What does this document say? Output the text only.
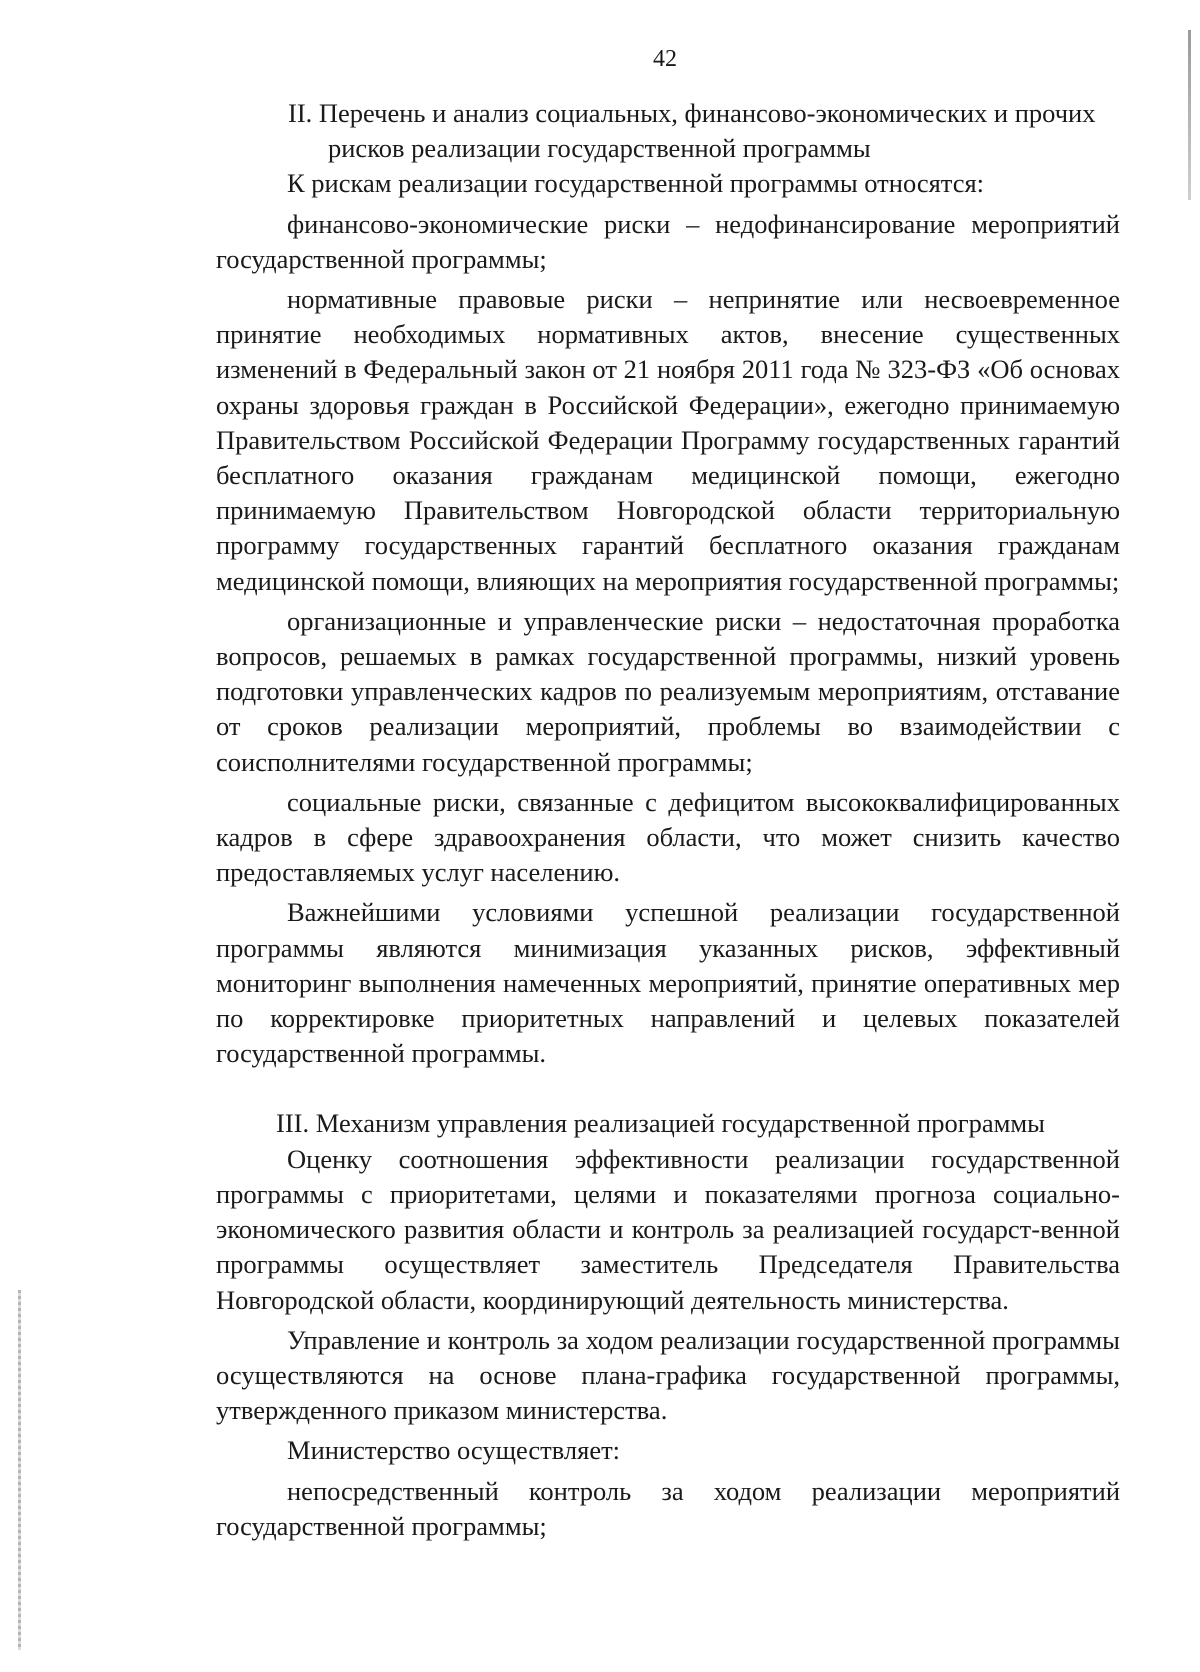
42
II. Перечень и анализ социальных, финансово-экономических и прочих
рисков реализации государственной программы

К рискам реализации государственной программы относятся:

финансово-экономические риски – недофинансирование мероприятий государственной программы;

нормативные правовые риски – непринятие или несвоевременное принятие необходимых нормативных актов, внесение существенных изменений в Федеральный закон от 21 ноября 2011 года № 323-ФЗ «Об основах охраны здоровья граждан в Российской Федерации», ежегодно принимаемую Правительством Российской Федерации Программу государственных гарантий бесплатного оказания гражданам медицинской помощи, ежегодно принимаемую Правительством Новгородской области территориальную программу государственных гарантий бесплатного оказания гражданам медицинской помощи, влияющих на мероприятия государственной программы;

организационные и управленческие риски – недостаточная проработка вопросов, решаемых в рамках государственной программы, низкий уровень подготовки управленческих кадров по реализуемым мероприятиям, отставание от сроков реализации мероприятий, проблемы во взаимодействии с соисполнителями государственной программы;

социальные риски, связанные с дефицитом высококвалифицированных кадров в сфере здравоохранения области, что может снизить качество предоставляемых услуг населению.

Важнейшими условиями успешной реализации государственной программы являются минимизация указанных рисков, эффективный мониторинг выполнения намеченных мероприятий, принятие оперативных мер по корректировке приоритетных направлений и целевых показателей государственной программы.

III. Механизм управления реализацией государственной программы

Оценку соотношения эффективности реализации государственной программы с приоритетами, целями и показателями прогноза социально-экономического развития области и контроль за реализацией государст-венной программы осуществляет заместитель Председателя Правительства Новгородской области, координирующий деятельность министерства.

Управление и контроль за ходом реализации государственной программы осуществляются на основе плана-графика государственной программы, утвержденного приказом министерства.

Министерство осуществляет:

непосредственный контроль за ходом реализации мероприятий государственной программы;
